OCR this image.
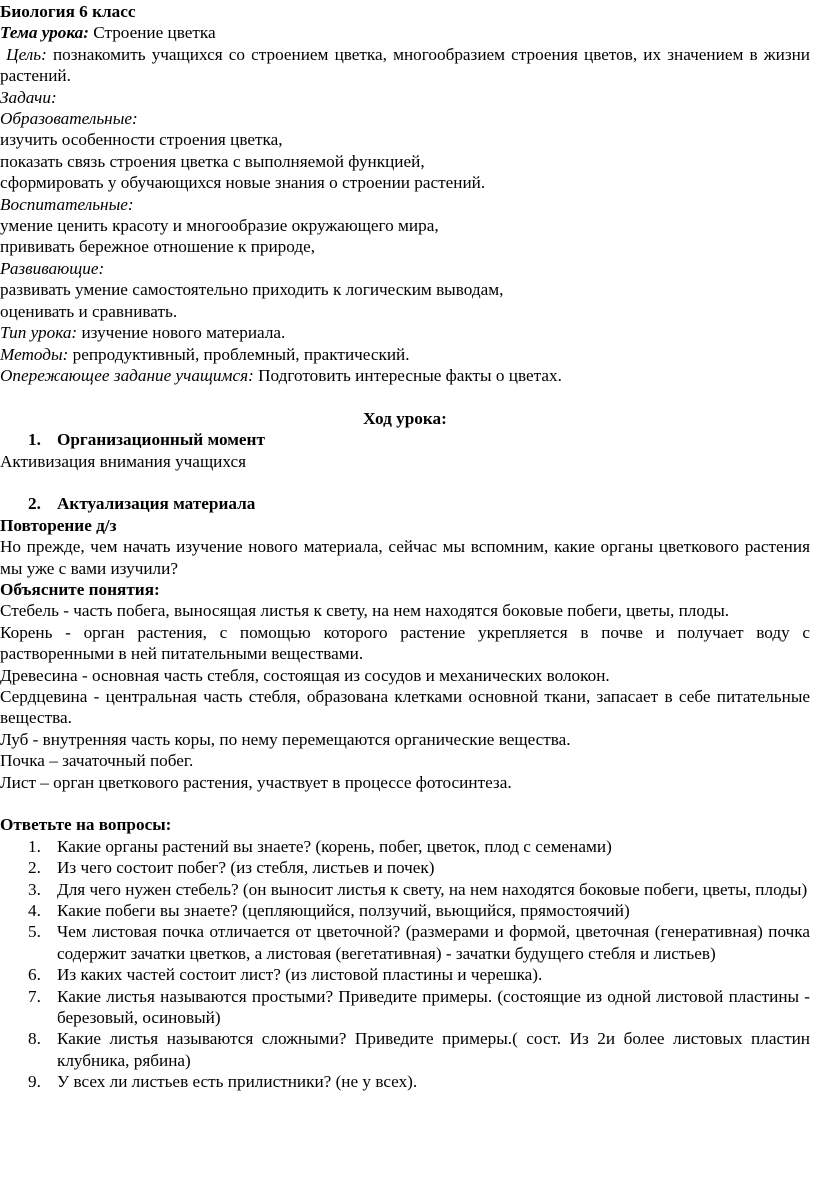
Биология 6 класс

Тема урока: Строение цветка

Цель: познакомить учащихся со строением цветка, многообразием строения цветов, их значением в жизни растений.

Задачи:

Образовательные:

изучить особенности строения цветка,

показать связь строения цветка с выполняемой функцией,

сформировать у обучающихся новые знания о строении растений.

Воспитательные:

умение ценить красоту и многообразие окружающего мира,

прививать бережное отношение к природе,

Развивающие:

развивать умение самостоятельно приходить к логическим выводам,

оценивать и сравнивать.

Тип урока: изучение нового материала.

Методы: репродуктивный, проблемный, практический.

Опережающее задание учащимся: Подготовить интересные факты о цветах.

Ход урока:

1. Организационный момент

Активизация внимания учащихся

2. Актуализация материала

Повторение д/з

Но прежде, чем начать изучение нового материала, сейчас мы вспомним, какие органы цветкового растения мы уже с вами изучили?

Объясните понятия:

Стебель - часть побега, выносящая листья к свету, на нем находятся боковые побеги, цветы, плоды.

Корень - орган растения, с помощью которого растение укрепляется в почве и получает воду с растворенными в ней питательными веществами.

Древесина - основная часть стебля, состоящая из сосудов и механических волокон.

Сердцевина - центральная часть стебля, образована клетками основной ткани, запасает в себе питательные вещества.

Луб - внутренняя часть коры, по нему перемещаются органические вещества.

Почка – зачаточный побег.

Лист – орган цветкового растения, участвует в процессе фотосинтеза.

Ответьте на вопросы:

1. Какие органы растений вы знаете? (корень, побег, цветок, плод с семенами)
2. Из чего состоит побег? (из стебля, листьев и почек)
3. Для чего нужен стебель? (он выносит листья к свету, на нем находятся боковые побеги, цветы, плоды)
4. Какие побеги вы знаете? (цепляющийся, ползучий, вьющийся, прямостоячий)
5. Чем листовая почка отличается от цветочной? (размерами и формой, цветочная (генеративная) почка содержит зачатки цветков, а листовая (вегетативная) - зачатки будущего стебля и листьев)
6. Из каких частей состоит лист? (из листовой пластины и черешка).
7. Какие листья называются простыми? Приведите примеры. (состоящие из одной листовой пластины - березовый, осиновый)
8. Какие листья называются сложными? Приведите примеры.( сост. Из 2и более листовых пластин клубника, рябина)
9. У всех ли листьев есть прилистники? (не у всех).
